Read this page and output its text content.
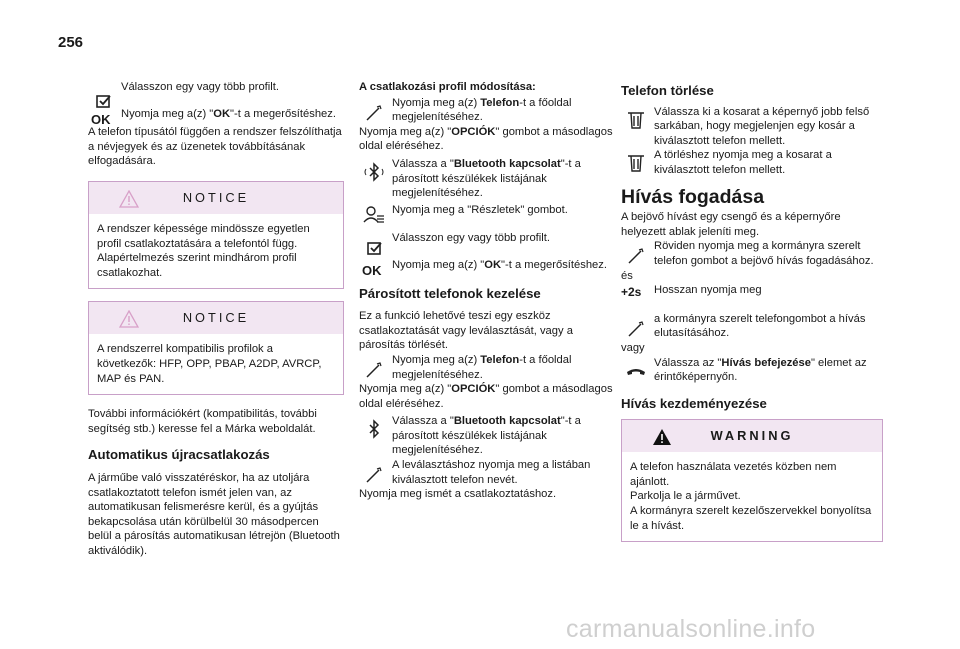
256
Válasszon egy vagy több profilt.
OK Nyomja meg a(z) "OK"-t a megerősítéshez.

A telefon típusától függően a rendszer felszólíthatja a névjegyek és az üzenetek továbbításának elfogadására.

NOTICE
A rendszer képessége mindössze egyetlen profil csatlakoztatására a telefontól függ. Alapértelmezés szerint mindhárom profil csatlakozhat.
NOTICE
A rendszerrel kompatibilis profilok a következők: HFP, OPP, PBAP, A2DP, AVRCP, MAP és PAN.

További információkért (kompatibilitás, további segítség stb.) keresse fel a Márka weboldalát.

Automatikus újracsatlakozás

A járműbe való visszatéréskor, ha az utoljára csatlakoztatott telefon ismét jelen van, az automatikusan felismerésre kerül, és a gyújtás bekapcsolása után körülbelül 30 másodpercen belül a párosítás automatikusan létrejön (Bluetooth aktiválódik).

A csatlakozási profil módosítása:
Nyomja meg a(z) Telefon-t a főoldal megjelenítéséhez.

Nyomja meg a(z) "OPCIÓK" gombot a másodlagos oldal eléréséhez.

Válassza a "Bluetooth kapcsolat"-t a párosított készülékek listájának megjelenítéséhez.
Nyomja meg a "Részletek" gombot.
Válasszon egy vagy több profilt.
OK Nyomja meg a(z) "OK"-t a megerősítéshez.
Párosított telefonok kezelése

Ez a funkció lehetővé teszi egy eszköz csatlakoztatását vagy leválasztását, vagy a párosítás törlését.

Nyomja meg a(z) Telefon-t a főoldal megjelenítéséhez.

Nyomja meg a(z) "OPCIÓK" gombot a másodlagos oldal eléréséhez.

Válassza a "Bluetooth kapcsolat"-t a párosított készülékek listájának megjelenítéséhez.
A leválasztáshoz nyomja meg a listában kiválasztott telefon nevét.

Nyomja meg ismét a csatlakoztatáshoz.

Telefon törlése
Válassza ki a kosarat a képernyő jobb felső sarkában, hogy megjelenjen egy kosár a kiválasztott telefon mellett.
A törléshez nyomja meg a kosarat a kiválasztott telefon mellett.
Hívás fogadása

A bejövő hívást egy csengő és a képernyőre helyezett ablak jeleníti meg.

Röviden nyomja meg a kormányra szerelt telefon gombot a bejövő hívás fogadásához.

és

+2s	Hosszan nyomja meg
a kormányra szerelt telefongombot a hívás elutasításához.

vagy

Válassza az "Hívás befejezése" elemet az érintőképernyőn.
Hívás kezdeményezése
WARNING
A telefon használata vezetés közben nem ajánlott.
Parkolja le a járművet.
A kormányra szerelt kezelőszervekkel bonyolítsa le a hívást.
carmanualsonline.info
